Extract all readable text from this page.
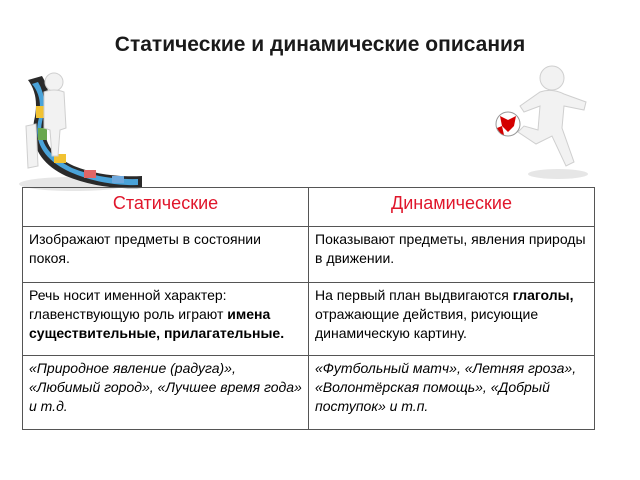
Статические и динамические описания
Статические	Динамические
Изображают предметы в состоянии покоя.	Показывают предметы, явления природы в движении.
Речь носит именной характер: главенствующую роль играют имена существительные, прилагательные.	На первый план выдвигаются глаголы, отражающие действия, рисующие динамическую картину.
«Природное явление (радуга)», «Любимый город», «Лучшее время года» и т.д.	«Футбольный матч», «Летняя гроза», «Волонтёрская помощь», «Добрый поступок» и т.п.
